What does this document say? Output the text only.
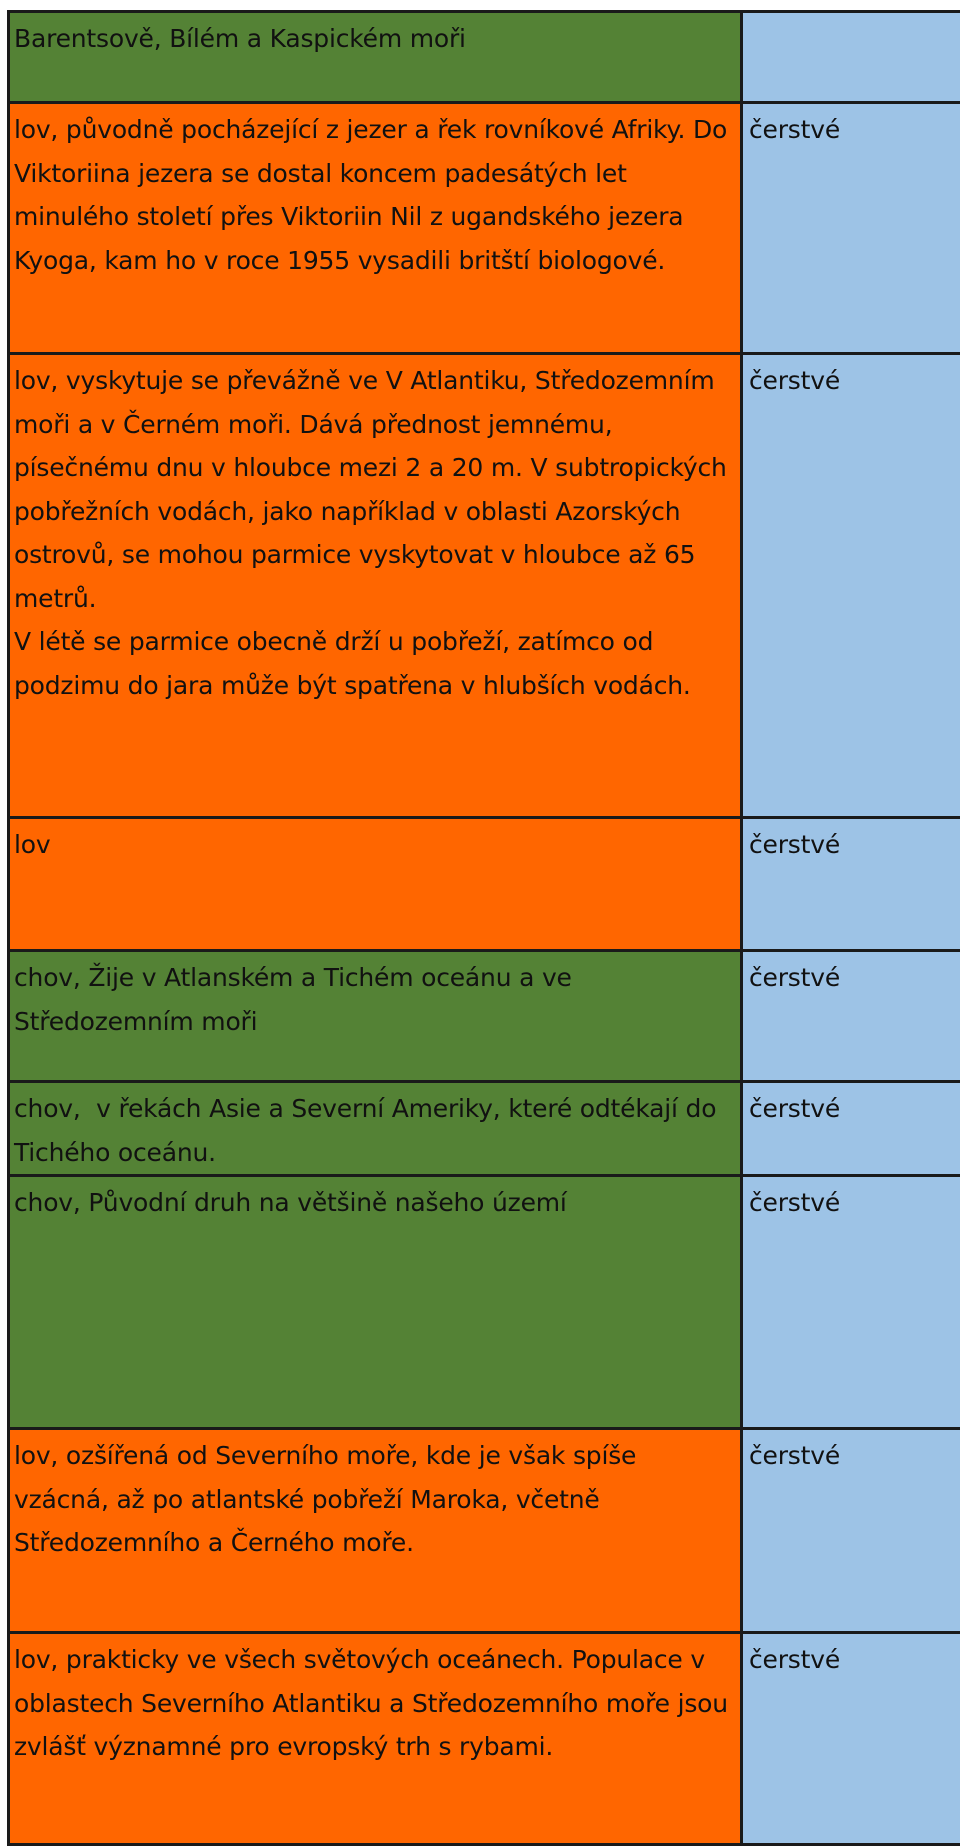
Barentsově, Bílém a Kaspickém moři	
lov, původně pocházející z jezer a řek rovníkové Afriky. Do Viktoriina jezera se dostal koncem padesátých let minulého století přes Viktoriin Nil z ugandského jezera Kyoga, kam ho v roce 1955 vysadili britští biologové.	čerstvé
lov, vyskytuje se převážně ve V Atlantiku, Středozemním moři a v Černém moři. Dává přednost jemnému, písečnému dnu v hloubce mezi 2 a 20 m. V subtropických pobřežních vodách, jako například v oblasti Azorských ostrovů, se mohou parmice vyskytovat v hloubce až 65 metrů.
V létě se parmice obecně drží u pobřeží, zatímco od podzimu do jara může být spatřena v hlubších vodách.	čerstvé
lov	čerstvé
chov, Žije v Atlanském a Tichém oceánu a ve Středozemním moři	čerstvé
chov,  v řekách Asie a Severní Ameriky, které odtékají do Tichého oceánu.	čerstvé
chov, Původní druh na většině našeho území	čerstvé
lov, ozšířená od Severního moře, kde je však spíše vzácná, až po atlantské pobřeží Maroka, včetně Středozemního a Černého moře.	čerstvé
lov, prakticky ve všech světových oceánech. Populace v oblastech Severního Atlantiku a Středozemního moře jsou zvlášť významné pro evropský trh s rybami.	čerstvé
